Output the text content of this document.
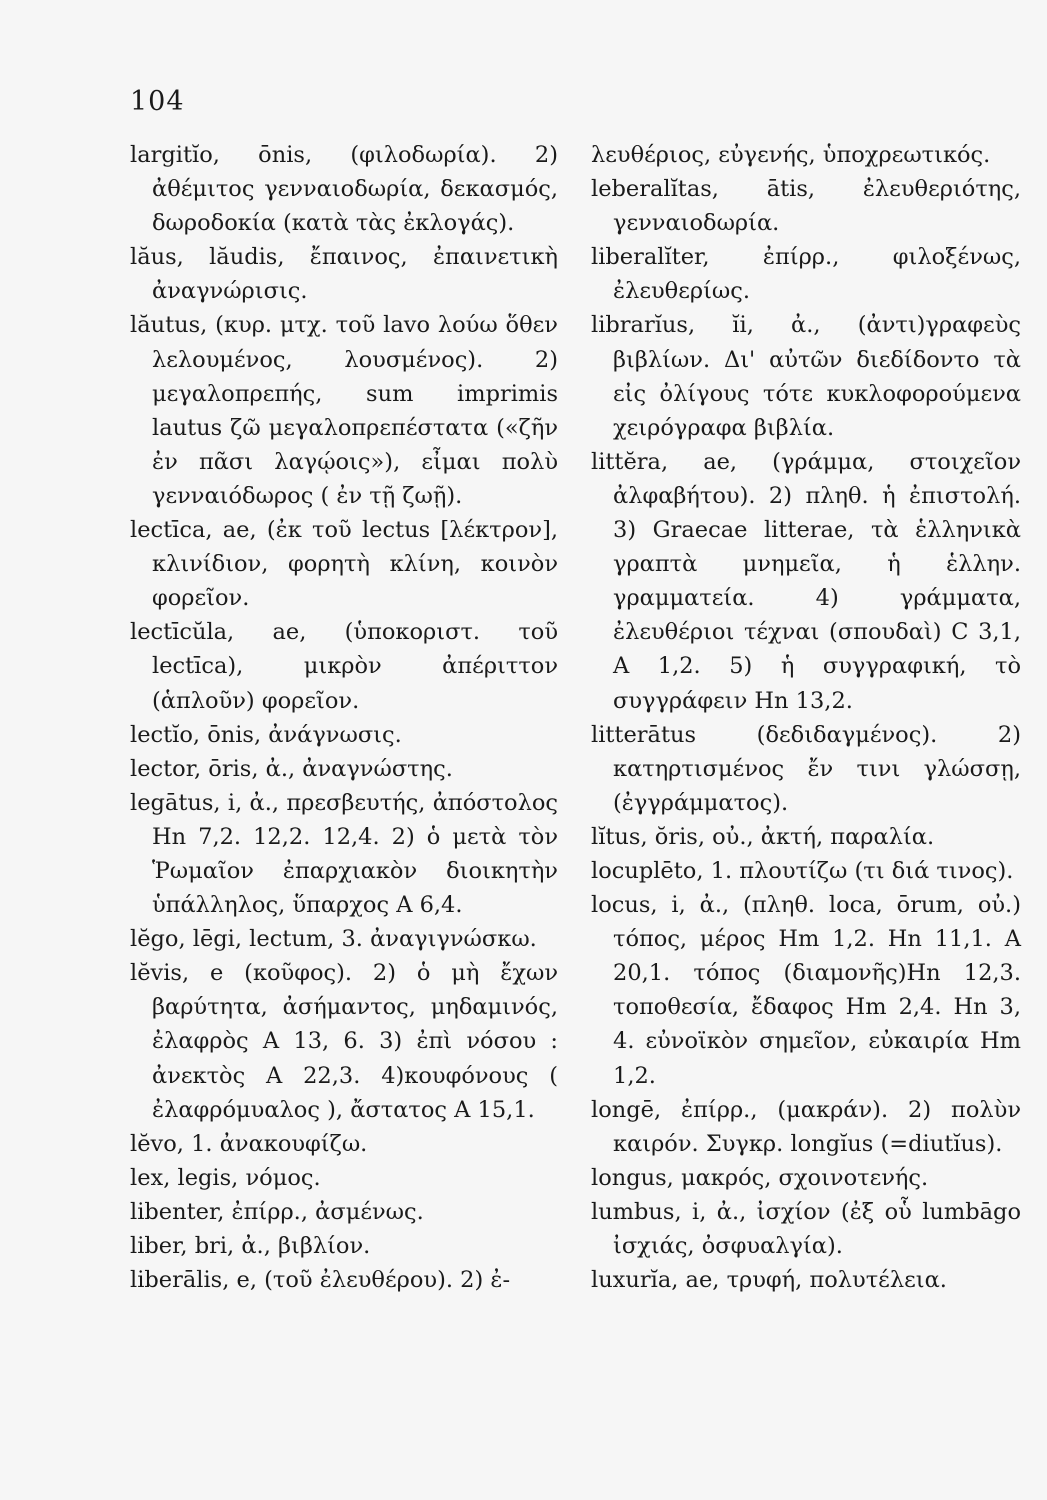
104

largitĭo, ōnis, (φιλοδωρία). 2) ἀθέμιτος γενναιοδωρία, δεκασμός, δωροδοκία (κατὰ τὰς ἐκλογάς).

lăus, lăudis, ἔπαινος, ἐπαινετικὴ ἀναγνώρισις.

lăutus, (κυρ. μτχ. τοῦ lavo λούω ὅθεν λελουμένος, λουσμένος). 2) μεγαλοπρεπής, sum imprimis lautus ζῶ μεγαλοπρεπέστατα («ζῆν ἐν πᾶσι λαγῴοις»), εἶμαι πολὺ γενναιόδωρος ( ἐν τῇ ζωῇ).

lectīca, ae, (ἐκ τοῦ lectus [λέκτρον], κλινίδιον, φορητὴ κλίνη, κοινὸν φορεῖον.

lectīcŭla, ae, (ὑποκοριστ. τοῦ lectīca), μικρὸν ἀπέριττον (ἁπλοῦν) φορεῖον.

lectĭo, ōnis, ἀνάγνωσις.

lector, ōris, ἀ., ἀναγνώστης.

legātus, i, ἀ., πρεσβευτής, ἀπόστολος Hn 7,2. 12,2. 12,4. 2) ὁ μετὰ τὸν Ῥωμαῖον ἐπαρχιακὸν διοικητὴν ὑπάλληλος, ὕπαρχος A 6,4.

lĕgo, lēgi, lectum, 3. ἀναγιγνώσκω.

lĕvis, e (κοῦφος). 2) ὁ μὴ ἔχων βαρύτητα, ἀσήμαντος, μηδαμινός, ἐλαφρὸς A 13, 6. 3) ἐπὶ νόσου : ἀνεκτὸς A 22,3. 4)κουφόνους ( ἐλαφρόμυαλος ), ἄστατος A 15,1.

lĕvo, 1. ἀνακουφίζω.

lex, legis, νόμος.

libenter, ἐπίρρ., ἀσμένως.

liber, bri, ἀ., βιβλίον.

liberālis, e, (τοῦ ἐλευθέρου). 2) ἐ-

λευθέριος, εὐγενής, ὑποχρεωτικός.

leberalĭtas, ātis, ἐλευθεριότης, γενναιοδωρία.

liberalĭter, ἐπίρρ., φιλοξένως, ἐλευθερίως.

librarĭus, ĭi, ἀ., (ἀντι)γραφεὺς βιβλίων. Δι' αὐτῶν διεδίδοντο τὰ εἰς ὀλίγους τότε κυκλοφορούμενα χειρόγραφα βιβλία.

littĕra, ae, (γράμμα, στοιχεῖον ἀλφαβήτου). 2) πληθ. ἡ ἐπιστολή. 3) Graecae litterae, τὰ ἑλληνικὰ γραπτὰ μνημεῖα, ἡ ἑλλην. γραμματεία. 4) γράμματα, ἐλευθέριοι τέχναι (σπουδαὶ) C 3,1, A 1,2. 5) ἡ συγγραφική, τὸ συγγράφειν Hn 13,2.

litterātus (δεδιδαγμένος). 2) κατηρτισμένος ἔν τινι γλώσσῃ, (ἐγγράμματος).

lĭtus, ŏris, οὐ., ἀκτή, παραλία.

locuplēto, 1. πλουτίζω (τι διά τινος).

locus, i, ἀ., (πληθ. loca, ōrum, οὐ.) τόπος, μέρος Hm 1,2. Hn 11,1. A 20,1. τόπος (διαμονῆς)Hn 12,3. τοποθεσία, ἔδαφος Hm 2,4. Hn 3, 4. εὐνοϊκὸν σημεῖον, εὐκαιρία Hm 1,2.

longē, ἐπίρρ., (μακράν). 2) πολὺν καιρόν. Συγκρ. longĭus (=diutĭus).

longus, μακρός, σχοινοτενής.

lumbus, i, ἀ., ἰσχίον (ἐξ οὗ lumbāgo ἰσχιάς, ὀσφυαλγία).

luxurĭa, ae, τρυφή, πολυτέλεια.
